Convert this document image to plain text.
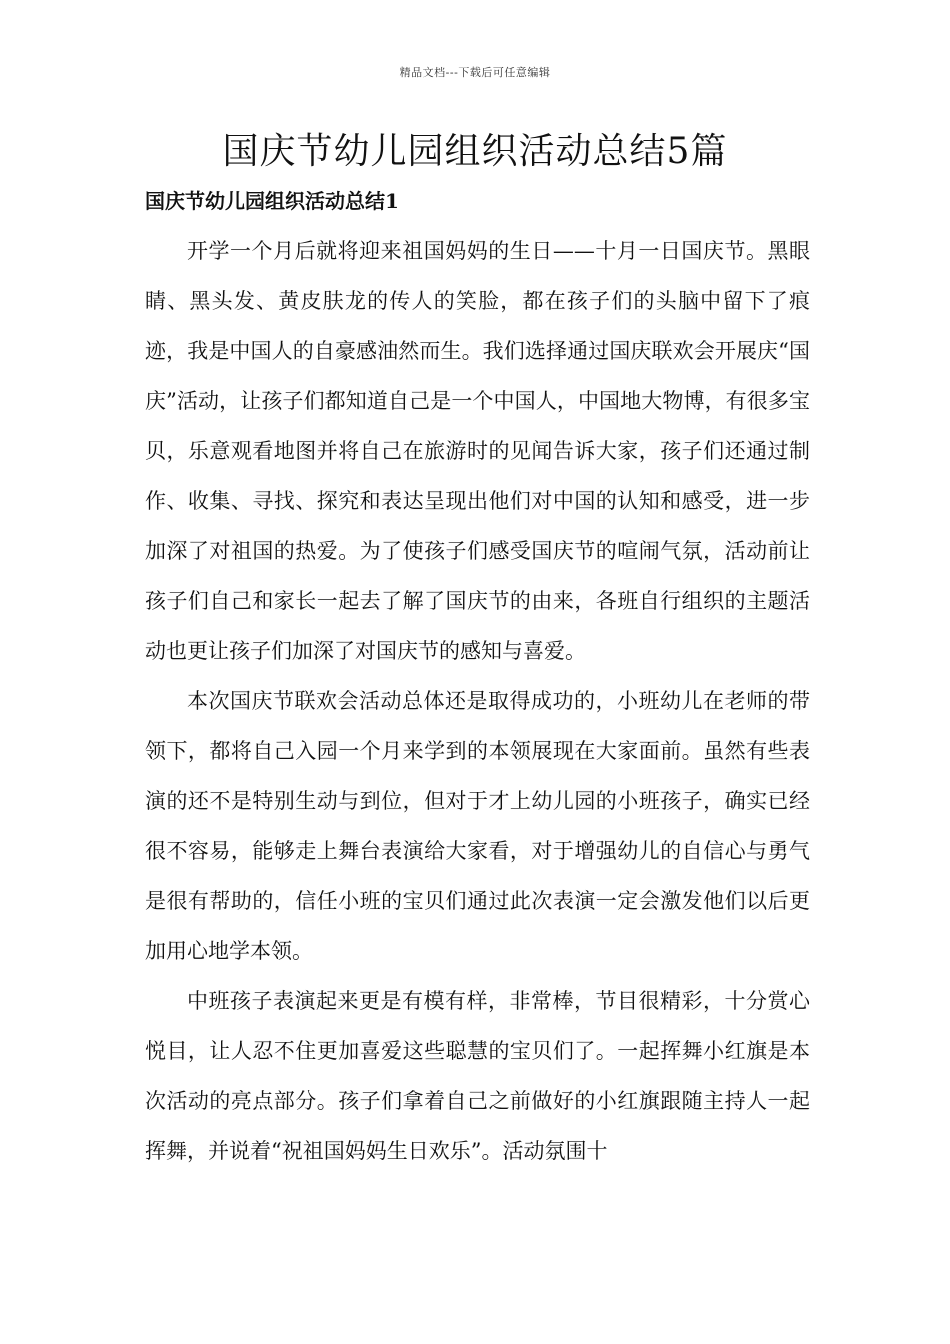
精品文档---下载后可任意编辑
国庆节幼儿园组织活动总结5篇
国庆节幼儿园组织活动总结1

开学一个月后就将迎来祖国妈妈的生日——十月一日国庆节。黑眼睛、黑头发、黄皮肤龙的传人的笑脸，都在孩子们的头脑中留下了痕迹，我是中国人的自豪感油然而生。我们选择通过国庆联欢会开展庆“国庆”活动，让孩子们都知道自己是一个中国人，中国地大物博，有很多宝贝，乐意观看地图并将自己在旅游时的见闻告诉大家，孩子们还通过制作、收集、寻找、探究和表达呈现出他们对中国的认知和感受，进一步加深了对祖国的热爱。为了使孩子们感受国庆节的喧闹气氛，活动前让孩子们自己和家长一起去了解了国庆节的由来，各班自行组织的主题活动也更让孩子们加深了对国庆节的感知与喜爱。

本次国庆节联欢会活动总体还是取得成功的，小班幼儿在老师的带领下，都将自己入园一个月来学到的本领展现在大家面前。虽然有些表演的还不是特别生动与到位，但对于才上幼儿园的小班孩子，确实已经很不容易，能够走上舞台表演给大家看，对于增强幼儿的自信心与勇气是很有帮助的，信任小班的宝贝们通过此次表演一定会激发他们以后更加用心地学本领。

中班孩子表演起来更是有模有样，非常棒，节目很精彩，十分赏心悦目，让人忍不住更加喜爱这些聪慧的宝贝们了。一起挥舞小红旗是本次活动的亮点部分。孩子们拿着自己之前做好的小红旗跟随主持人一起挥舞，并说着“祝祖国妈妈生日欢乐”。活动氛围十
